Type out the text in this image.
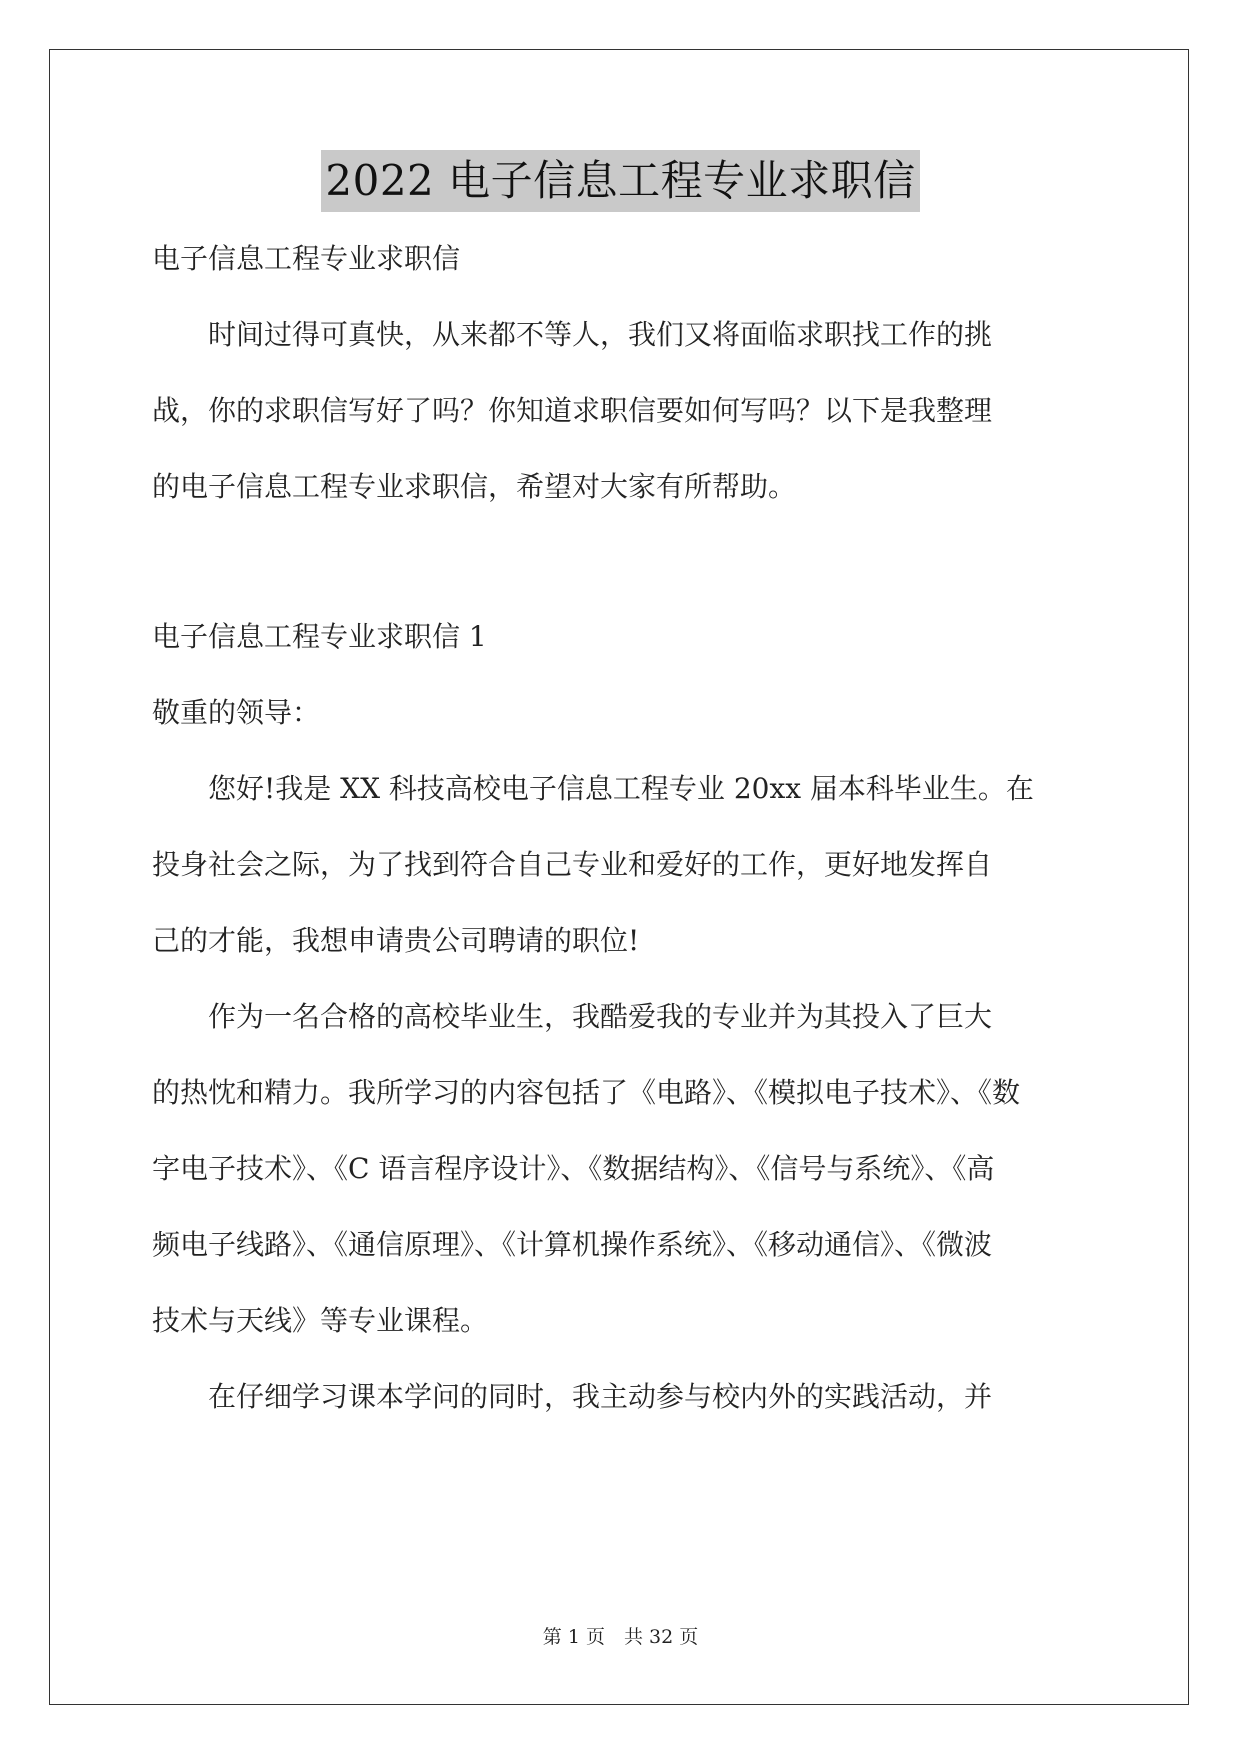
2022 电子信息工程专业求职信
电子信息工程专业求职信
时间过得可真快，从来都不等人，我们又将面临求职找工作的挑
战，你的求职信写好了吗？你知道求职信要如何写吗？以下是我整理
的电子信息工程专业求职信，希望对大家有所帮助。
电子信息工程专业求职信 1
敬重的领导：
您好!我是 XX 科技高校电子信息工程专业 20xx 届本科毕业生。在
投身社会之际，为了找到符合自己专业和爱好的工作，更好地发挥自
己的才能，我想申请贵公司聘请的职位!
作为一名合格的高校毕业生，我酷爱我的专业并为其投入了巨大
的热忱和精力。我所学习的内容包括了《电路》、《模拟电子技术》、《数
字电子技术》、《C 语言程序设计》、《数据结构》、《信号与系统》、《高
频电子线路》、《通信原理》、《计算机操作系统》、《移动通信》、《微波
技术与天线》等专业课程。
在仔细学习课本学问的同时，我主动参与校内外的实践活动，并
第 1 页　共 32 页
